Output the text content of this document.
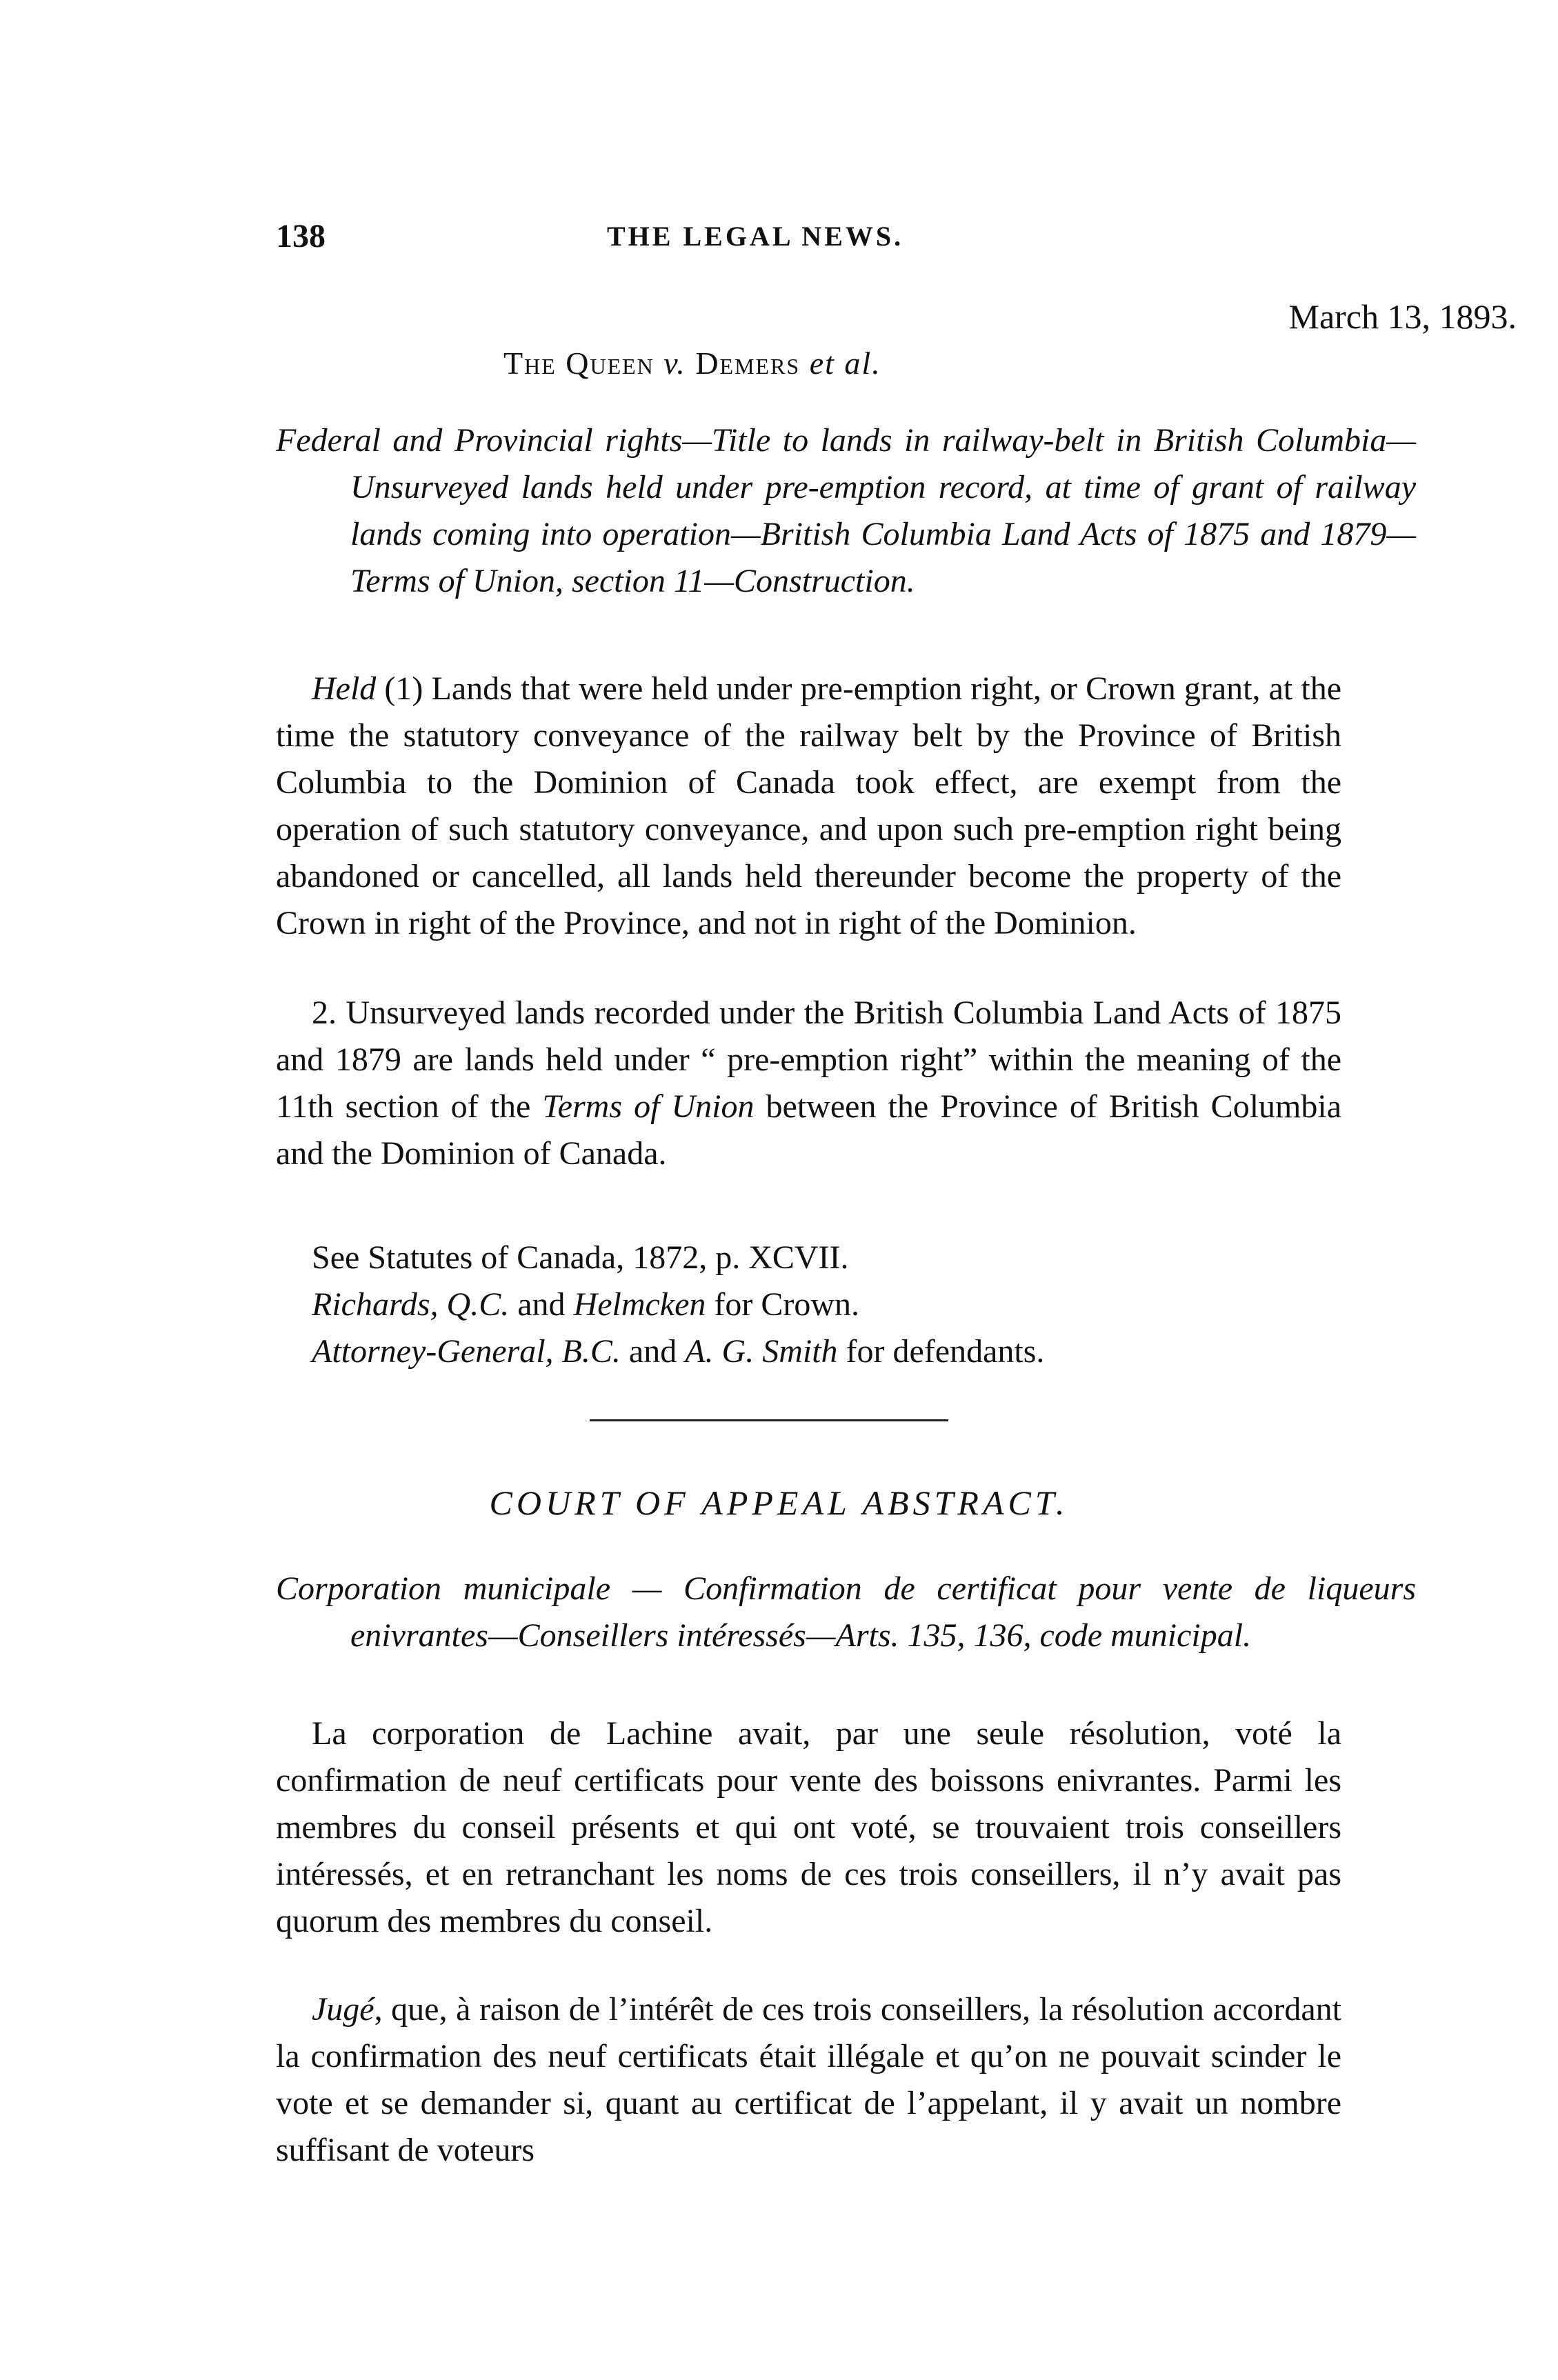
138	THE LEGAL NEWS.
March 13, 1893.
The Queen v. Demers et al.
Federal and Provincial rights—Title to lands in railway-belt in British Columbia—Unsurveyed lands held under pre-emption record, at time of grant of railway lands coming into operation—British Columbia Land Acts of 1875 and 1879—Terms of Union, section 11—Construction.
Held (1) Lands that were held under pre-emption right, or Crown grant, at the time the statutory conveyance of the railway belt by the Province of British Columbia to the Dominion of Canada took effect, are exempt from the operation of such statutory conveyance, and upon such pre-emption right being abandoned or cancelled, all lands held thereunder become the property of the Crown in right of the Province, and not in right of the Dominion.
2. Unsurveyed lands recorded under the British Columbia Land Acts of 1875 and 1879 are lands held under “ pre-emption right” within the meaning of the 11th section of the Terms of Union between the Province of British Columbia and the Dominion of Canada.
See Statutes of Canada, 1872, p. XCVII.
Richards, Q.C. and Helmcken for Crown.
Attorney-General, B.C. and A. G. Smith for defendants.
COURT OF APPEAL ABSTRACT.
Corporation municipale — Confirmation de certificat pour vente de liqueurs enivrantes—Conseillers intéressés—Arts. 135, 136, code municipal.
La corporation de Lachine avait, par une seule résolution, voté la confirmation de neuf certificats pour vente des boissons enivrantes. Parmi les membres du conseil présents et qui ont voté, se trouvaient trois conseillers intéressés, et en retranchant les noms de ces trois conseillers, il n’y avait pas quorum des membres du conseil.
Jugé, que, à raison de l’intérêt de ces trois conseillers, la résolution accordant la confirmation des neuf certificats était illégale et qu’on ne pouvait scinder le vote et se demander si, quant au certificat de l’appelant, il y avait un nombre suffisant de voteurs
